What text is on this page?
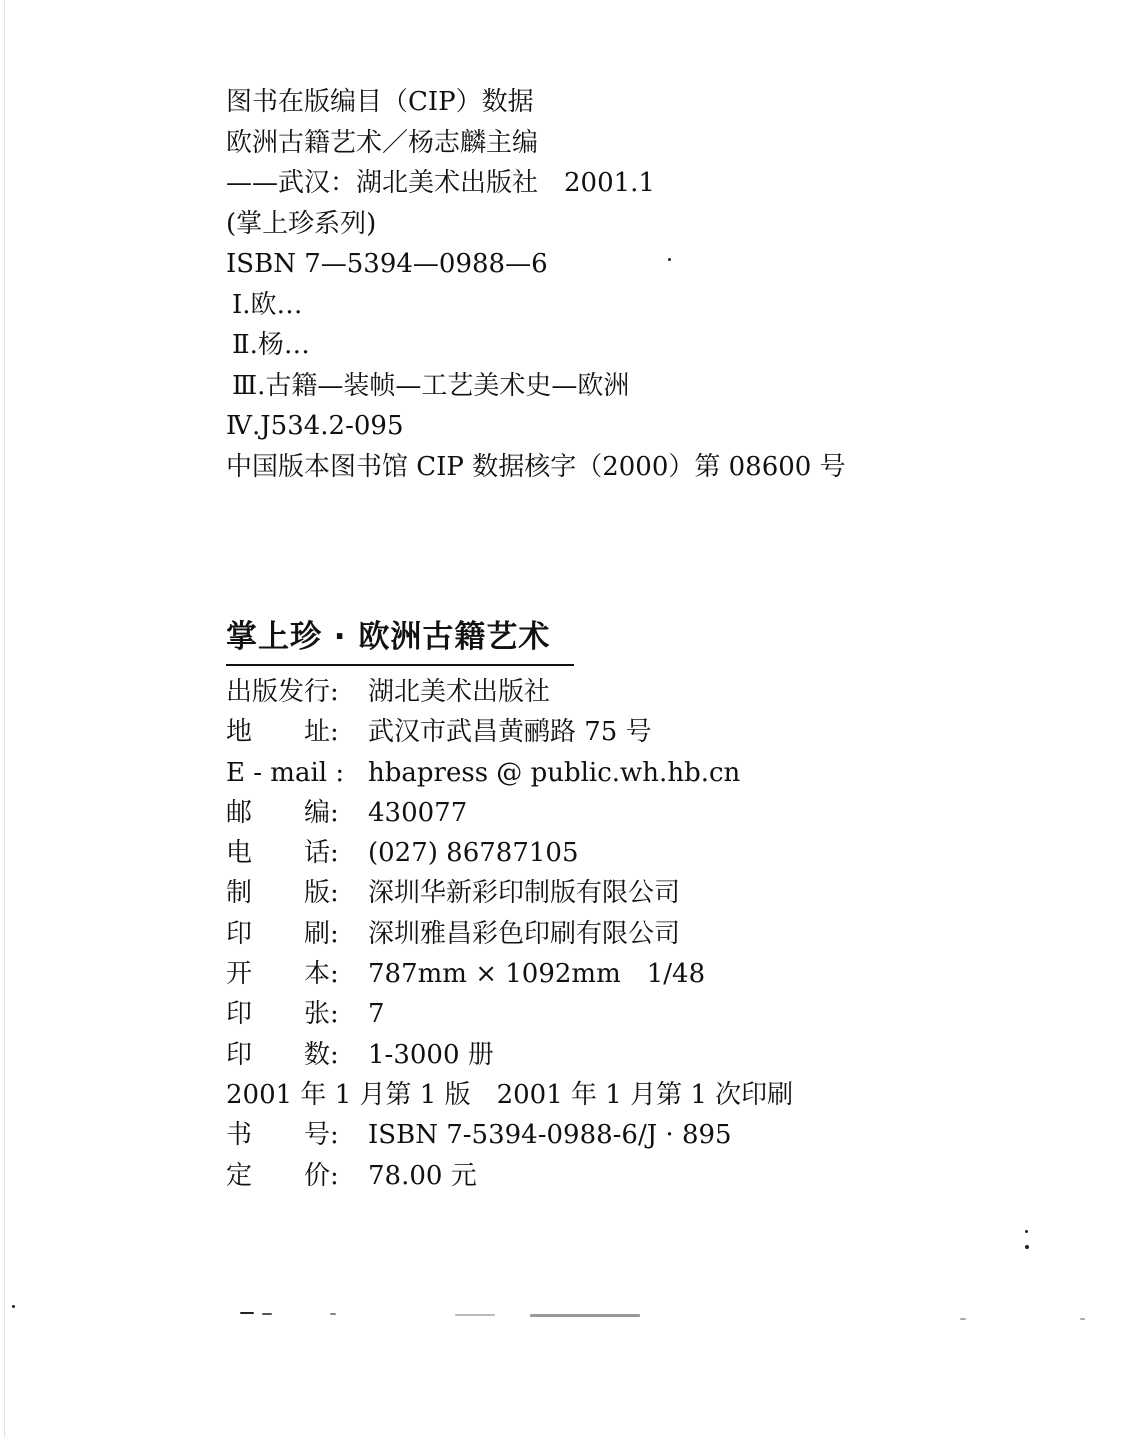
图书在版编目（CIP）数据
欧洲古籍艺术／杨志麟主编
——武汉：湖北美术出版社　2001.1
(掌上珍系列)
ISBN 7—5394—0988—6
Ⅰ.欧…
Ⅱ.杨…
Ⅲ.古籍—装帧—工艺美术史—欧洲
Ⅳ.J534.2-095
中国版本图书馆 CIP 数据核字（2000）第 08600 号
掌上珍 · 欧洲古籍艺术
出版发行:	湖北美术出版社
地　　址:	武汉市武昌黄鹂路 75 号
E - mail : hbapress @ public.wh.hb.cn
邮　　编:	430077
电　　话:	(027) 86787105
制　　版:	深圳华新彩印制版有限公司
印　　刷:	深圳雅昌彩色印刷有限公司
开　　本:	787mm × 1092mm　1/48
印　　张:	7
印　　数:	1-3000 册
2001 年 1 月第 1 版　2001 年 1 月第 1 次印刷
书　　号:	ISBN 7-5394-0988-6/J · 895
定　　价:	78.00 元
